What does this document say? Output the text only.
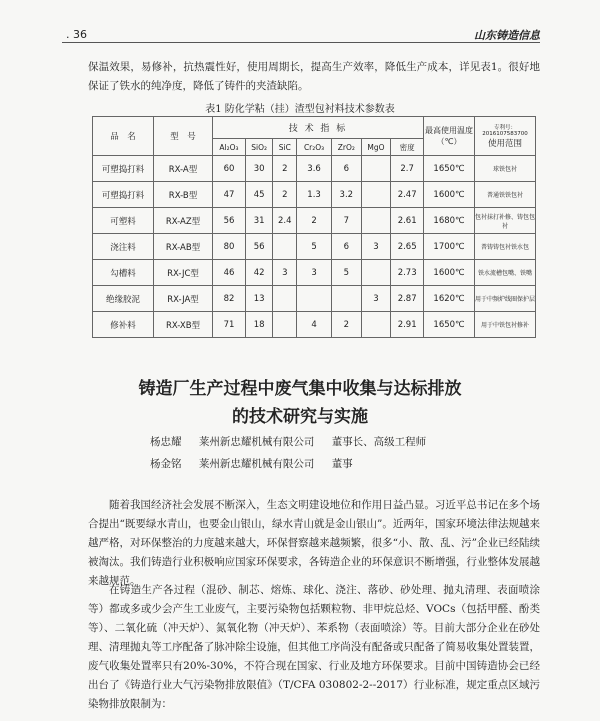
. 36	山东铸造信息
保温效果，易修补，抗热震性好，使用周期长，提高生产效率，降低生产成本，详见表1。很好地保证了铁水的纯净度，降低了铸件的夹渣缺陷。
表1 防化学粘（挂）渣型包衬料技术参数表
品　名	型　号	技 术 指 标							最高使用温度（℃）	专利号：2016107583700
使用范围

		Al₂O₃	SiO₂	SiC	Cr₂O₃	ZrO₂	MgO	密度		
可塑捣打料	RX-A型	60	30	2	3.6	6		2.7	1650℃	球铁包衬
可塑捣打料	RX-B型	47	45	2	1.3	3.2		2.47	1600℃	普通铁铁包衬
可塑料	RX-AZ型	56	31	2.4	2	7		2.61	1680℃	包衬抹打补修、铸包包衬
浇注料	RX-AB型	80	56		5	6	3	2.65	1700℃	普铸铸包衬铁水包
勾槽料	RX-JC型	46	42	3	3	5		2.73	1600℃	铁水流槽包嘴、铁嘴
绝缘胶泥	RX-JA型	82	13				3	2.87	1620℃	用于中频炉线圈保护层
修补料	RX-XB型	71	18		4	2		2.91	1650℃	用于中铁包衬修补
铸造厂生产过程中废气集中收集与达标排放
的技术研究与实施
杨忠耀 莱州新忠耀机械有限公司 董事长、高级工程师
杨金铭 莱州新忠耀机械有限公司 董事
随着我国经济社会发展不断深入，生态文明建设地位和作用日益凸显。习近平总书记在多个场合提出“既要绿水青山，也要金山银山，绿水青山就是金山银山”。近两年，国家环境法律法规越来越严格，对环保整治的力度越来越大，环保督察越来越频繁，很多“小、散、乱、污”企业已经陆续被淘汰。我们铸造行业积极响应国家环保要求，各铸造企业的环保意识不断增强，行业整体发展越来越规范。
在铸造生产各过程（混砂、制芯、熔炼、球化、浇注、落砂、砂处理、抛丸清理、表面喷涂等）都或多或少会产生工业废气，主要污染物包括颗粒物、非甲烷总烃、VOCs（包括甲醛、酚类等）、二氧化硫（冲天炉）、氮氧化物（冲天炉）、苯系物（表面喷涂）等。目前大部分企业在砂处理、清理抛丸等工序配备了脉冲除尘设施，但其他工序尚没有配备或只配备了简易收集处置装置，废气收集处置率只有20%-30%，不符合现在国家、行业及地方环保要求。目前中国铸造协会已经出台了《铸造行业大气污染物排放限值》（T/CFA 030802-2--2017）行业标准，规定重点区域污染物排放限制为：
